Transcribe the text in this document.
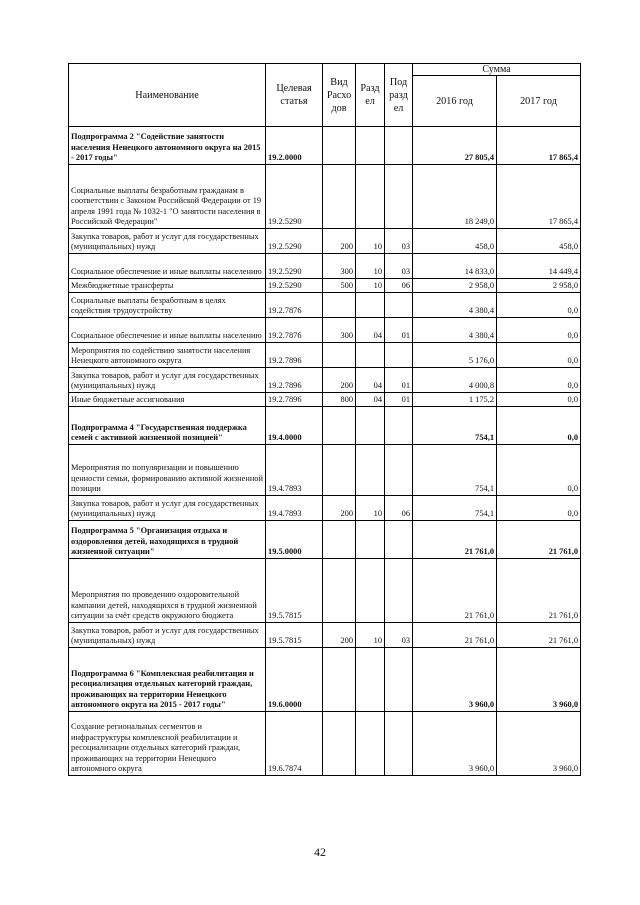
Наименование	Целевая статья	Вид Расхо дов	Разд ел	Под разд ел	Сумма	
					2016 год	2017 год
Подпрограмма 2 "Содействие занятости населения Ненецкого автономного округа на 2015 - 2017 годы"	19.2.0000				27 805,4	17 865,4
Социальные выплаты безработным гражданам в соответствии с Законом Российской Федерации от 19 апреля 1991 года № 1032-1 "О занятости населения в Российской Федерации"	19.2.5290				18 249,0	17 865,4
Закупка товаров, работ и услуг для государственных (муниципальных) нужд	19.2.5290	200	10	03	458,0	458,0
Социальное обеспечение и иные выплаты населению	19.2.5290	300	10	03	14 833,0	14 449,4
Межбюджетные трансферты	19.2.5290	500	10	06	2 958,0	2 958,0
Социальные выплаты безработным в целях содействия трудоустройству	19.2.7876				4 380,4	0,0
Социальное обеспечение и иные выплаты населению	19.2.7876	300	04	01	4 380,4	0,0
Мероприятия по содействию занятости населения Ненецкого автономного округа	19.2.7896				5 176,0	0,0
Закупка товаров, работ и услуг для государственных (муниципальных) нужд	19.2.7896	200	04	01	4 000,8	0,0
Иные бюджетные ассигнования	19.2.7896	800	04	01	1 175,2	0,0
Подпрограмма 4 "Государственная поддержка семей с активной жизненной позицией"	19.4.0000				754,1	0,0
Мероприятия по популяризации и повышению ценности семьи, формированию активной жизненной позиции	19.4.7893				754,1	0,0
Закупка товаров, работ и услуг для государственных (муниципальных) нужд	19.4.7893	200	10	06	754,1	0,0
Подпрограмма 5 "Организация отдыха и оздоровления детей, находящихся в трудной жизненной ситуации"	19.5.0000				21 761,0	21 761,0
Мероприятия по проведению оздоровительной кампании детей, находящихся в трудной жизненной ситуации за счёт средств окружного бюджета	19.5.7815				21 761,0	21 761,0
Закупка товаров, работ и услуг для государственных (муниципальных) нужд	19.5.7815	200	10	03	21 761,0	21 761,0
Подпрограмма 6 "Комплексная реабилитация и ресоциализация отдельных категорий граждан, проживающих на территории Ненецкого автономного округа на 2015 - 2017 годы"	19.6.0000				3 960,0	3 960,0
Создание региональных сегментов и инфраструктуры комплексной реабилитации и ресоциализации отдельных категорий граждан, проживающих на территории Ненецкого автономного округа	19.6.7874				3 960,0	3 960,0
42
